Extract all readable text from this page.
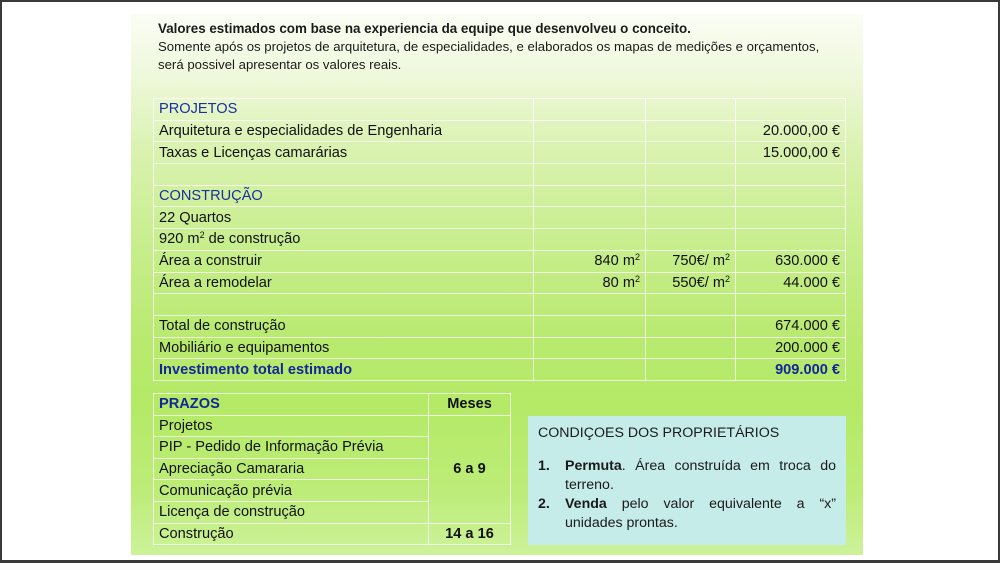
Valores estimados com base na experiencia da equipe que desenvolveu o conceito.
Somente após os projetos de arquitetura, de especialidades, e elaborados os mapas de medições e orçamentos,
será possivel apresentar os valores reais.
PROJETOS			
Arquitetura e especialidades de Engenharia			20.000,00 €
Taxas e Licenças camarárias			15.000,00 €

CONSTRUÇÃO			
22 Quartos			
920 $m^2$ de construção			
Área a construir	840 $m^2$	750€/ $m^2$	630.000 €
Área a remodelar	80 $m^2$	550€/ $m^2$	44.000 €

Total de construção			674.000 €
Mobiliário e equipamentos			200.000 €
Investimento total estimado			909.000 €
PRAZOS	Meses
Projetos	6 a 9
PIP - Pedido de Informação Prévia	
Apreciação Camararia	
Comunicação prévia	
Licença de construção	
Construção	14 a 16
CONDIÇOES DOS PROPRIETÁRIOS
1.	Permuta. Área construída em troca do terreno.
2.	Venda pelo valor equivalente a “x” unidades prontas.
